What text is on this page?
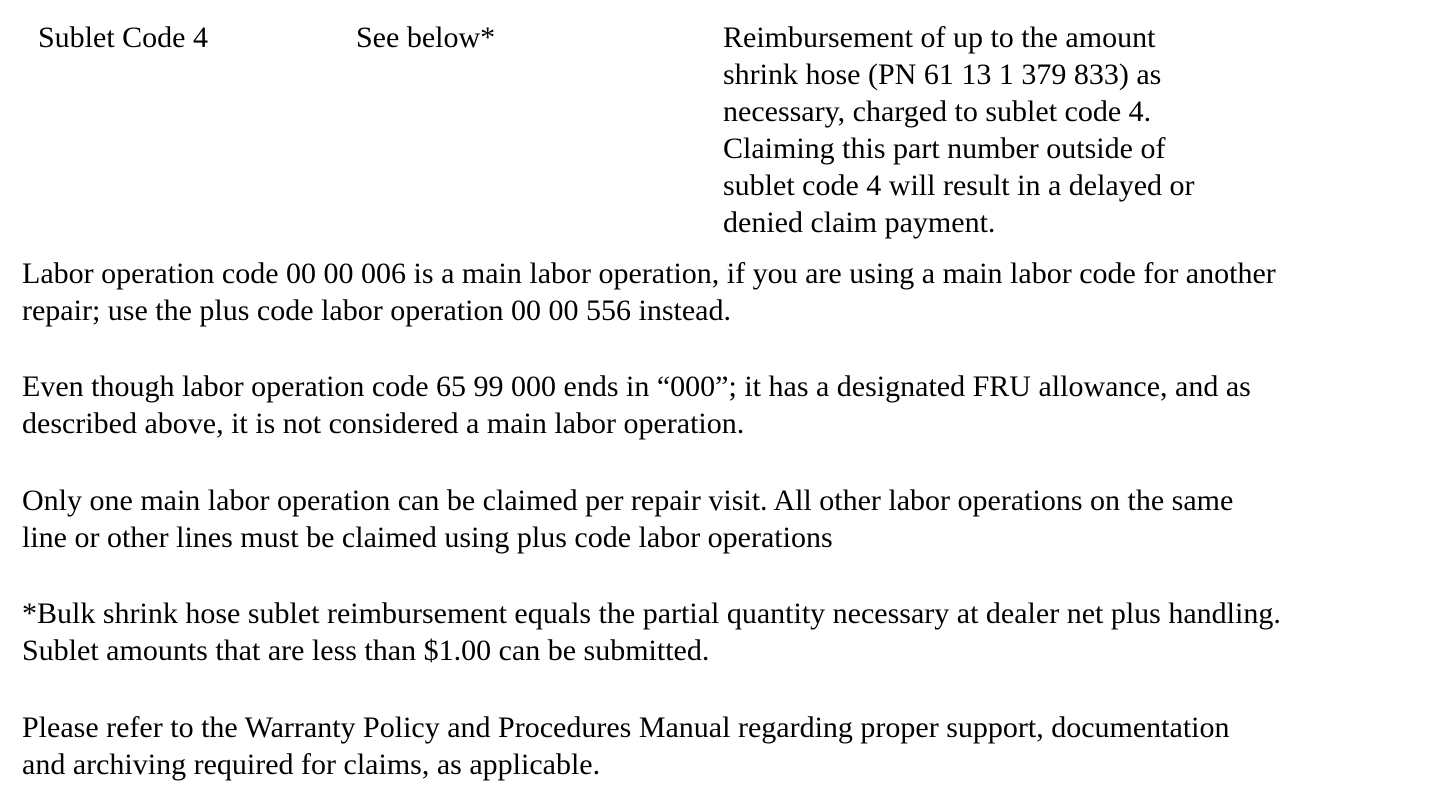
Sublet Code 4	See below*	Reimbursement of up to the amount
shrink hose (PN 61 13 1 379 833) as
necessary, charged to sublet code 4.
Claiming this part number outside of
sublet code 4 will result in a delayed or
denied claim payment.

Labor operation code 00 00 006 is a main labor operation, if you are using a main labor code for another
repair; use the plus code labor operation 00 00 556 instead.

Even though labor operation code 65 99 000 ends in “000”; it has a designated FRU allowance, and as
described above, it is not considered a main labor operation.

Only one main labor operation can be claimed per repair visit. All other labor operations on the same
line or other lines must be claimed using plus code labor operations

*Bulk shrink hose sublet reimbursement equals the partial quantity necessary at dealer net plus handling.
Sublet amounts that are less than $1.00 can be submitted.

Please refer to the Warranty Policy and Procedures Manual regarding proper support, documentation
and archiving required for claims, as applicable.
